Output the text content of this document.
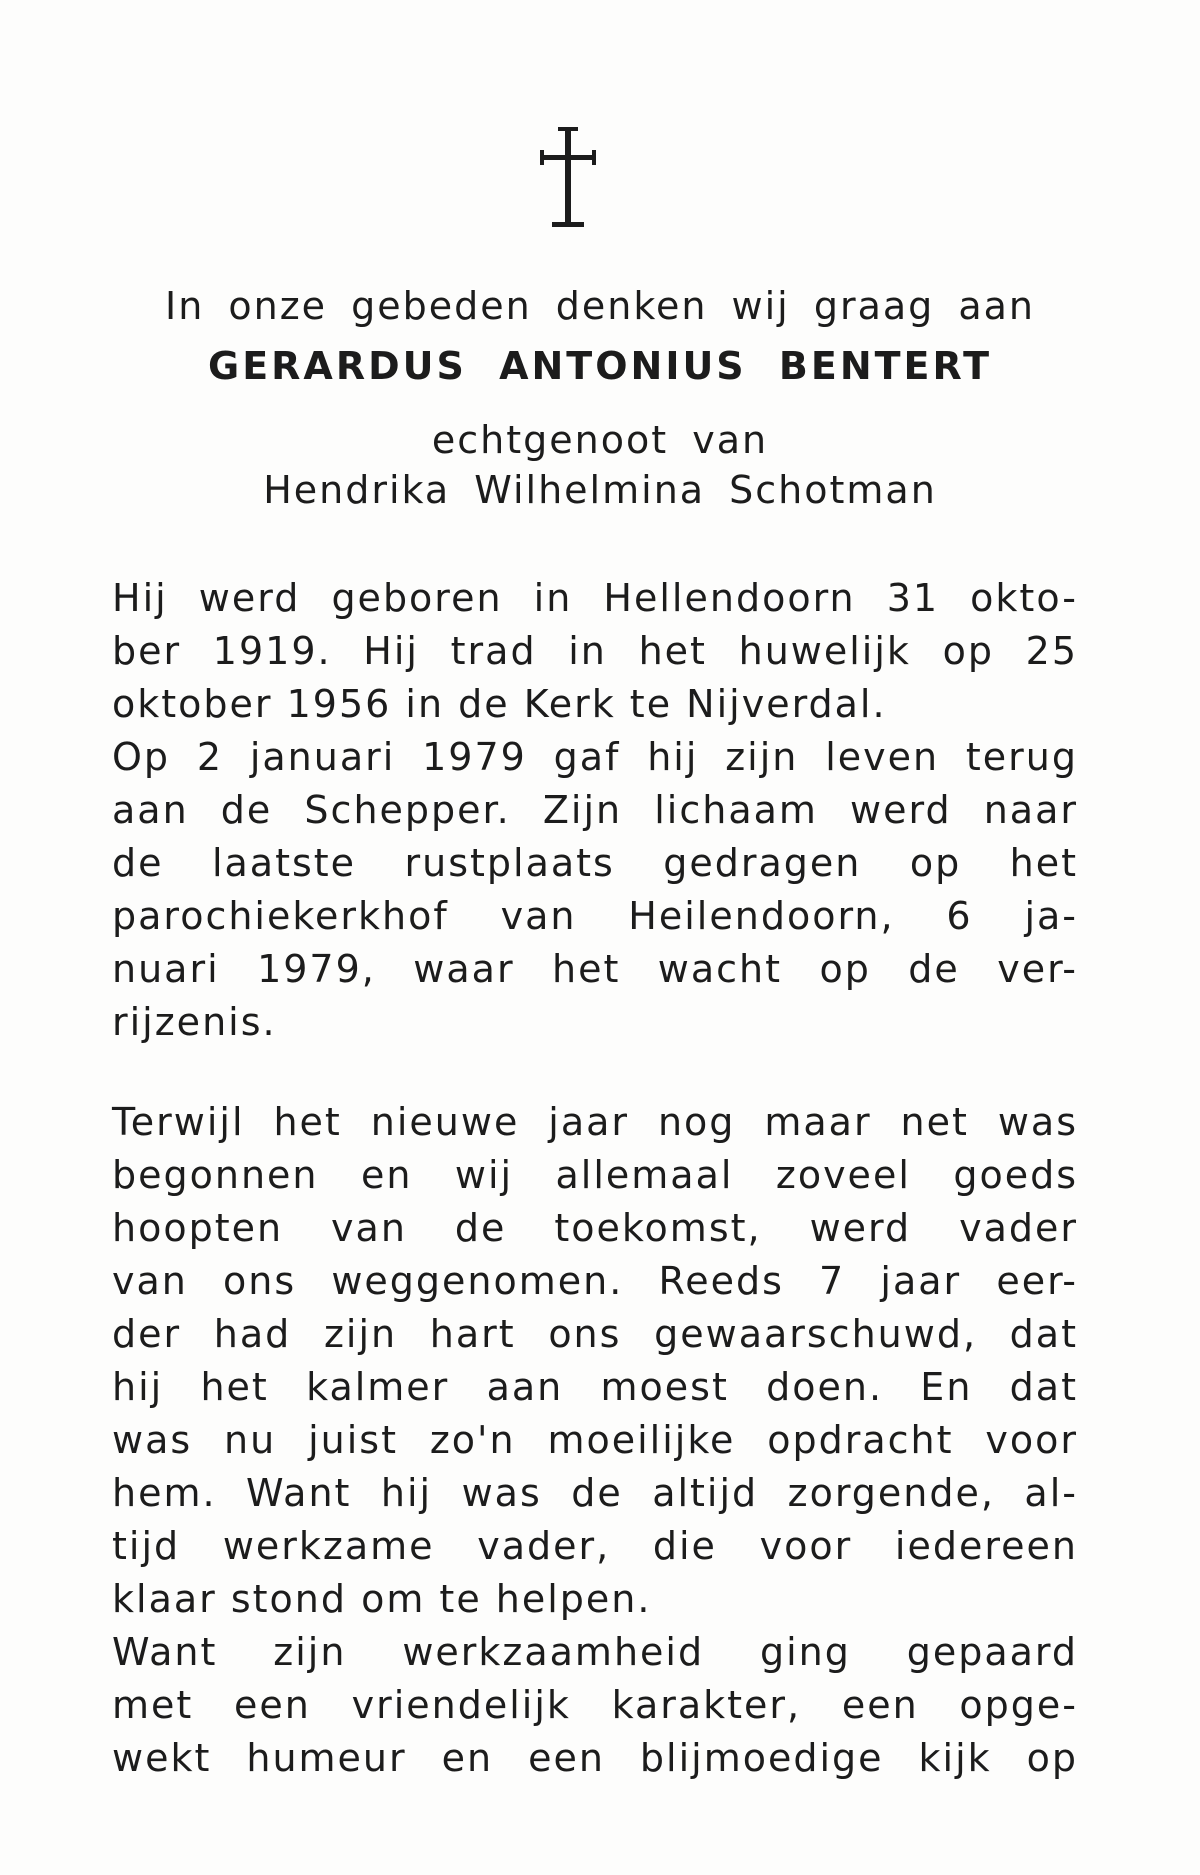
In onze gebeden denken wij graag aan
GERARDUS ANTONIUS BENTERT
echtgenoot van
Hendrika Wilhelmina Schotman
Hij werd geboren in Hellendoorn 31 okto-
ber 1919. Hij trad in het huwelijk op 25
oktober 1956 in de Kerk te Nijverdal.
Op 2 januari 1979 gaf hij zijn leven terug
aan de Schepper. Zijn lichaam werd naar
de laatste rustplaats gedragen op het
parochiekerkhof van Heilendoorn, 6 ja-
nuari 1979, waar het wacht op de ver-
rijzenis.
Terwijl het nieuwe jaar nog maar net was
begonnen en wij allemaal zoveel goeds
hoopten van de toekomst, werd vader
van ons weggenomen. Reeds 7 jaar eer-
der had zijn hart ons gewaarschuwd, dat
hij het kalmer aan moest doen. En dat
was nu juist zo'n moeilijke opdracht voor
hem. Want hij was de altijd zorgende, al-
tijd werkzame vader, die voor iedereen
klaar stond om te helpen.
Want zijn werkzaamheid ging gepaard
met een vriendelijk karakter, een opge-
wekt humeur en een blijmoedige kijk op
